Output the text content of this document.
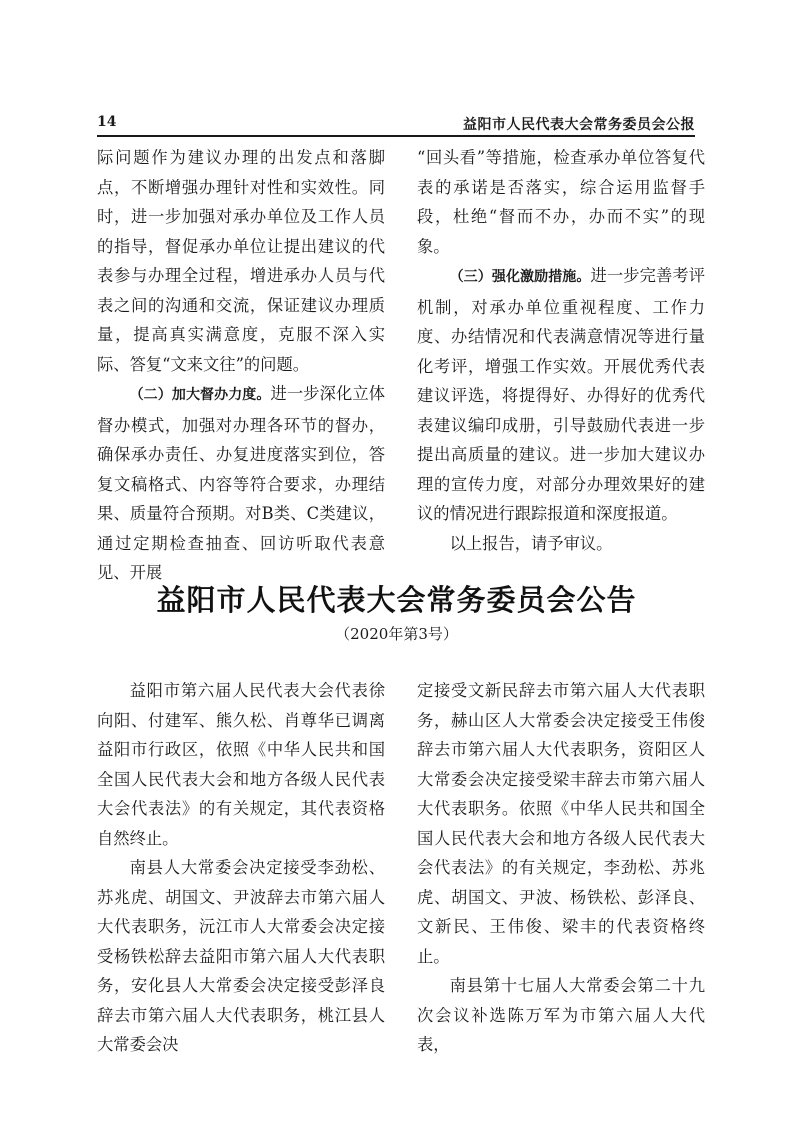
14	益阳市人民代表大会常务委员会公报

际问题作为建议办理的出发点和落脚点，不断增强办理针对性和实效性。同时，进一步加强对承办单位及工作人员的指导，督促承办单位让提出建议的代表参与办理全过程，增进承办人员与代表之间的沟通和交流，保证建议办理质量，提高真实满意度，克服不深入实际、答复“文来文往”的问题。

（二）加大督办力度。进一步深化立体督办模式，加强对办理各环节的督办，确保承办责任、办复进度落实到位，答复文稿格式、内容等符合要求，办理结果、质量符合预期。对B类、C类建议，通过定期检查抽查、回访听取代表意见、开展

“回头看”等措施，检查承办单位答复代表的承诺是否落实，综合运用监督手段，杜绝“督而不办，办而不实”的现象。

（三）强化激励措施。进一步完善考评机制，对承办单位重视程度、工作力度、办结情况和代表满意情况等进行量化考评，增强工作实效。开展优秀代表建议评选，将提得好、办得好的优秀代表建议编印成册，引导鼓励代表进一步提出高质量的建议。进一步加大建议办理的宣传力度，对部分办理效果好的建议的情况进行跟踪报道和深度报道。

以上报告，请予审议。

益阳市人民代表大会常务委员会公告
（2020年第3号）

益阳市第六届人民代表大会代表徐向阳、付建军、熊久松、肖尊华已调离益阳市行政区，依照《中华人民共和国全国人民代表大会和地方各级人民代表大会代表法》的有关规定，其代表资格自然终止。

南县人大常委会决定接受李劲松、苏兆虎、胡国文、尹波辞去市第六届人大代表职务，沅江市人大常委会决定接受杨铁松辞去益阳市第六届人大代表职务，安化县人大常委会决定接受彭泽良辞去市第六届人大代表职务，桃江县人大常委会决

定接受文新民辞去市第六届人大代表职务，赫山区人大常委会决定接受王伟俊辞去市第六届人大代表职务，资阳区人大常委会决定接受梁丰辞去市第六届人大代表职务。依照《中华人民共和国全国人民代表大会和地方各级人民代表大会代表法》的有关规定，李劲松、苏兆虎、胡国文、尹波、杨铁松、彭泽良、文新民、王伟俊、梁丰的代表资格终止。

南县第十七届人大常委会第二十九次会议补选陈万军为市第六届人大代表，
